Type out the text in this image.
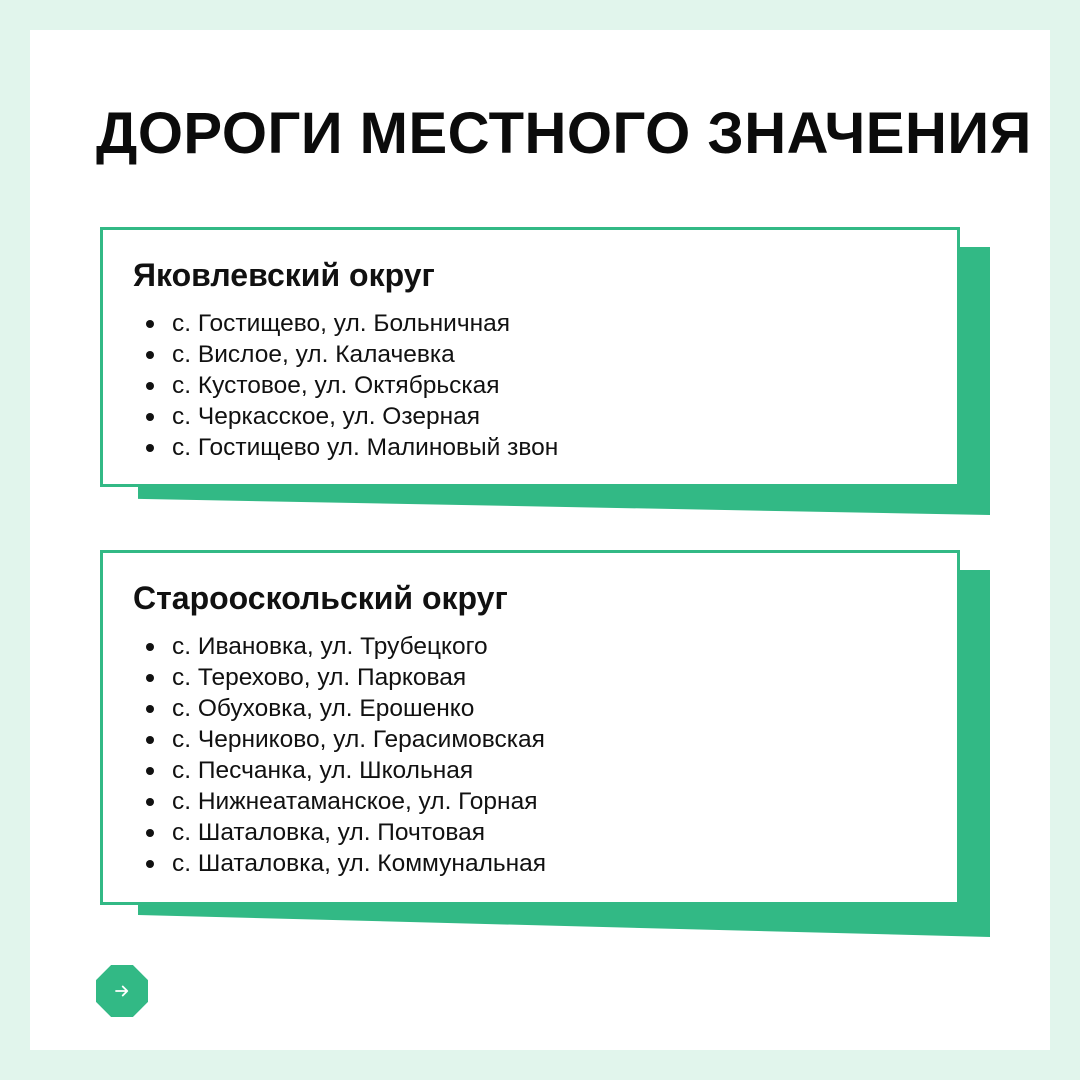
ДОРОГИ МЕСТНОГО ЗНАЧЕНИЯ
Яковлевский округ
с. Гостищево, ул. Больничная
с. Вислое, ул. Калачевка
с. Кустовое, ул. Октябрьская
с. Черкасское, ул. Озерная
с. Гостищево ул. Малиновый звон
Старооскольский округ
с. Ивановка, ул. Трубецкого
с. Терехово, ул. Парковая
с. Обуховка, ул. Ерошенко
с. Черниково, ул. Герасимовская
с. Песчанка, ул. Школьная
с. Нижнеатаманское, ул. Горная
с. Шаталовка, ул. Почтовая
с. Шаталовка, ул. Коммунальная
